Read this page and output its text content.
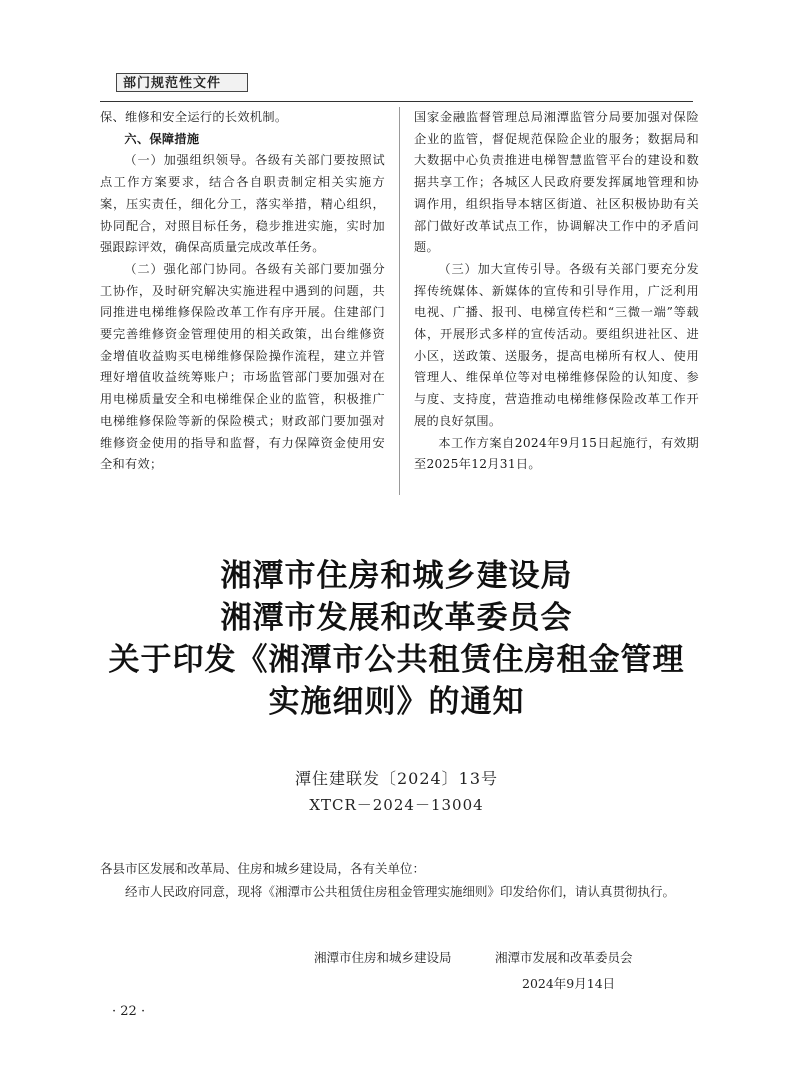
部门规范性文件

保、维修和安全运行的长效机制。

六、保障措施

（一）加强组织领导。各级有关部门要按照试点工作方案要求，结合各自职责制定相关实施方案，压实责任，细化分工，落实举措，精心组织，协同配合，对照目标任务，稳步推进实施，实时加强跟踪评效，确保高质量完成改革任务。

（二）强化部门协同。各级有关部门要加强分工协作，及时研究解决实施进程中遇到的问题，共同推进电梯维修保险改革工作有序开展。住建部门要完善维修资金管理使用的相关政策，出台维修资金增值收益购买电梯维修保险操作流程，建立并管理好增值收益统筹账户；市场监管部门要加强对在用电梯质量安全和电梯维保企业的监管，积极推广电梯维修保险等新的保险模式；财政部门要加强对维修资金使用的指导和监督，有力保障资金使用安全和有效；

国家金融监督管理总局湘潭监管分局要加强对保险企业的监管，督促规范保险企业的服务；数据局和大数据中心负责推进电梯智慧监管平台的建设和数据共享工作；各城区人民政府要发挥属地管理和协调作用，组织指导本辖区街道、社区积极协助有关部门做好改革试点工作，协调解决工作中的矛盾问题。

（三）加大宣传引导。各级有关部门要充分发挥传统媒体、新媒体的宣传和引导作用，广泛利用电视、广播、报刊、电梯宣传栏和“三微一端”等载体，开展形式多样的宣传活动。要组织进社区、进小区，送政策、送服务，提高电梯所有权人、使用管理人、维保单位等对电梯维修保险的认知度、参与度、支持度，营造推动电梯维修保险改革工作开展的良好氛围。

本工作方案自2024年9月15日起施行，有效期至2025年12月31日。

湘潭市住房和城乡建设局
湘潭市发展和改革委员会
关于印发《湘潭市公共租赁住房租金管理
实施细则》的通知
潭住建联发〔2024〕13号
XTCR－2024－13004
各县市区发展和改革局、住房和城乡建设局，各有关单位：
经市人民政府同意，现将《湘潭市公共租赁住房租金管理实施细则》印发给你们，请认真贯彻执行。
湘潭市住房和城乡建设局	湘潭市发展和改革委员会
2024年9月14日
· 22 ·
